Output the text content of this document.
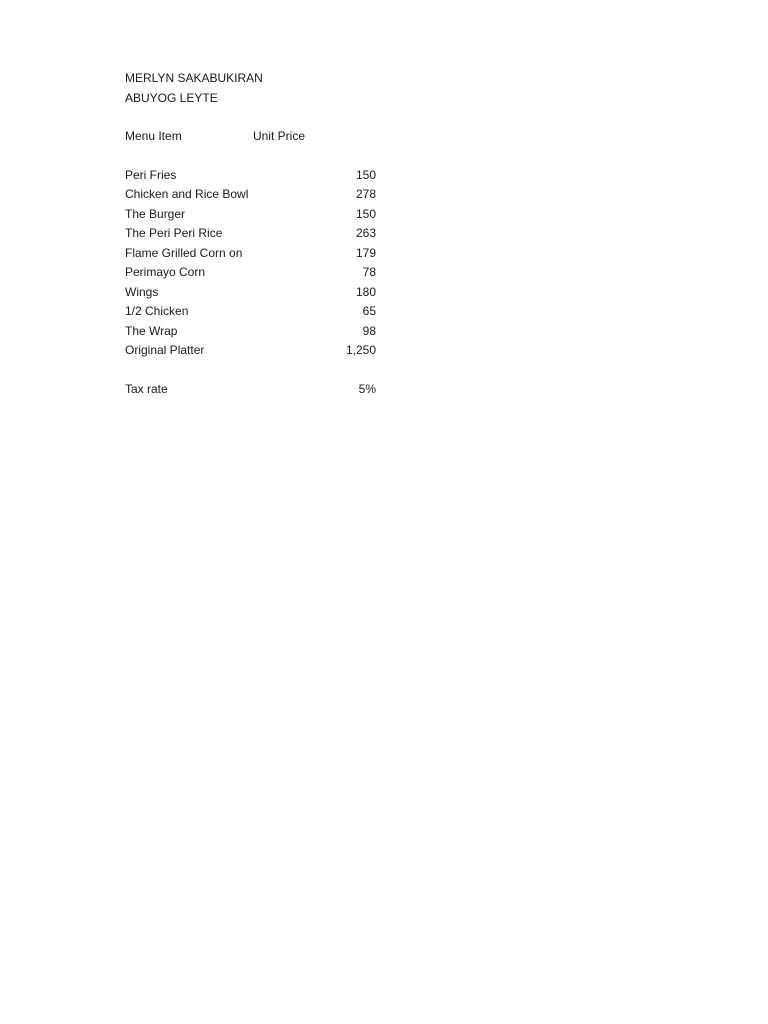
MERLYN SAKABUKIRAN
ABUYOG LEYTE
Menu Item	Unit Price
Peri Fries	150
Chicken and Rice Bowl	278
The Burger	150
The Peri Peri Rice	263
Flame Grilled Corn on	179
Perimayo Corn	78
Wings	180
1/2 Chicken	65
The Wrap	98
Original Platter	1,250
Tax rate	5%
